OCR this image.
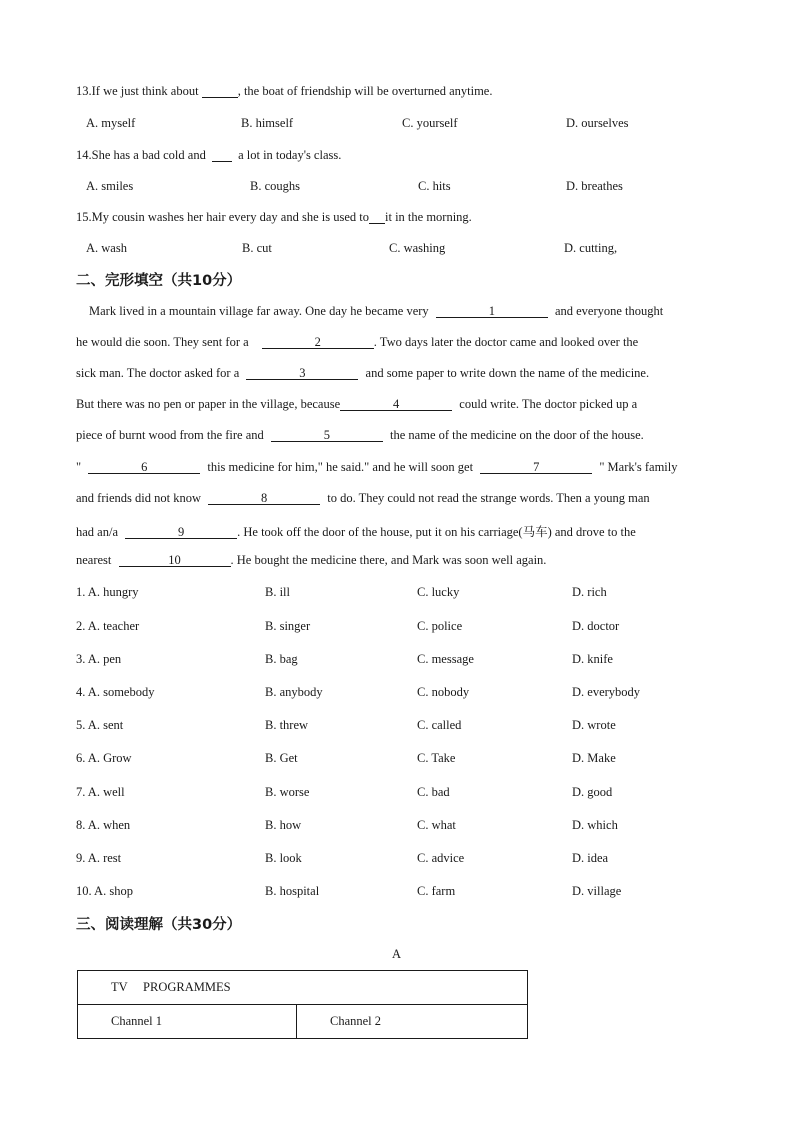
13.If we just think about	, the boat of friendship will be overturned anytime.
A. myself	B. himself	C. yourself	D. ourselves
14.She has a bad cold and	a lot in today's class.
A. smiles	B. coughs	C. hits	D. breathes
15.My cousin washes her hair every day and she is used to it in the morning.
A. wash	B. cut	C. washing	D. cutting,
二、完形填空（共10分）
Mark lived in a mountain village far away. One day he became very	1	and everyone thought
he would die soon. They sent for a	2	. Two days later the doctor came and looked over the
sick man. The doctor asked for a	3	and some paper to write down the name of the medicine.
But there was no pen or paper in the village, because	4	could write. The doctor picked up a
piece of burnt wood from the fire and	5	the name of the medicine on the door of the house.
"	6	this medicine for him," he said." and he will soon get	7	" Mark's family
and friends did not know	8	to do. They could not read the strange words. Then a young man
had an/a	9	. He took off the door of the house, put it on his carriage(马车) and drove to the
nearest	10	. He bought the medicine there, and Mark was soon well again.
1. A. hungry	B. ill	C. lucky	D. rich
2. A. teacher	B. singer	C. police	D. doctor
3. A. pen	B. bag	C. message	D. knife
4. A. somebody	B. anybody	C. nobody	D. everybody
5. A. sent	B. threw	C. called	D. wrote
6. A. Grow	B. Get	C. Take	D. Make
7. A. well	B. worse	C. bad	D. good
8. A. when	B. how	C. what	D. which
9. A. rest	B. look	C. advice	D. idea
10. A. shop	B. hospital	C. farm	D. village
三、阅读理解（共30分）
A
TV     PROGRAMMES
Channel 1	Channel 2
